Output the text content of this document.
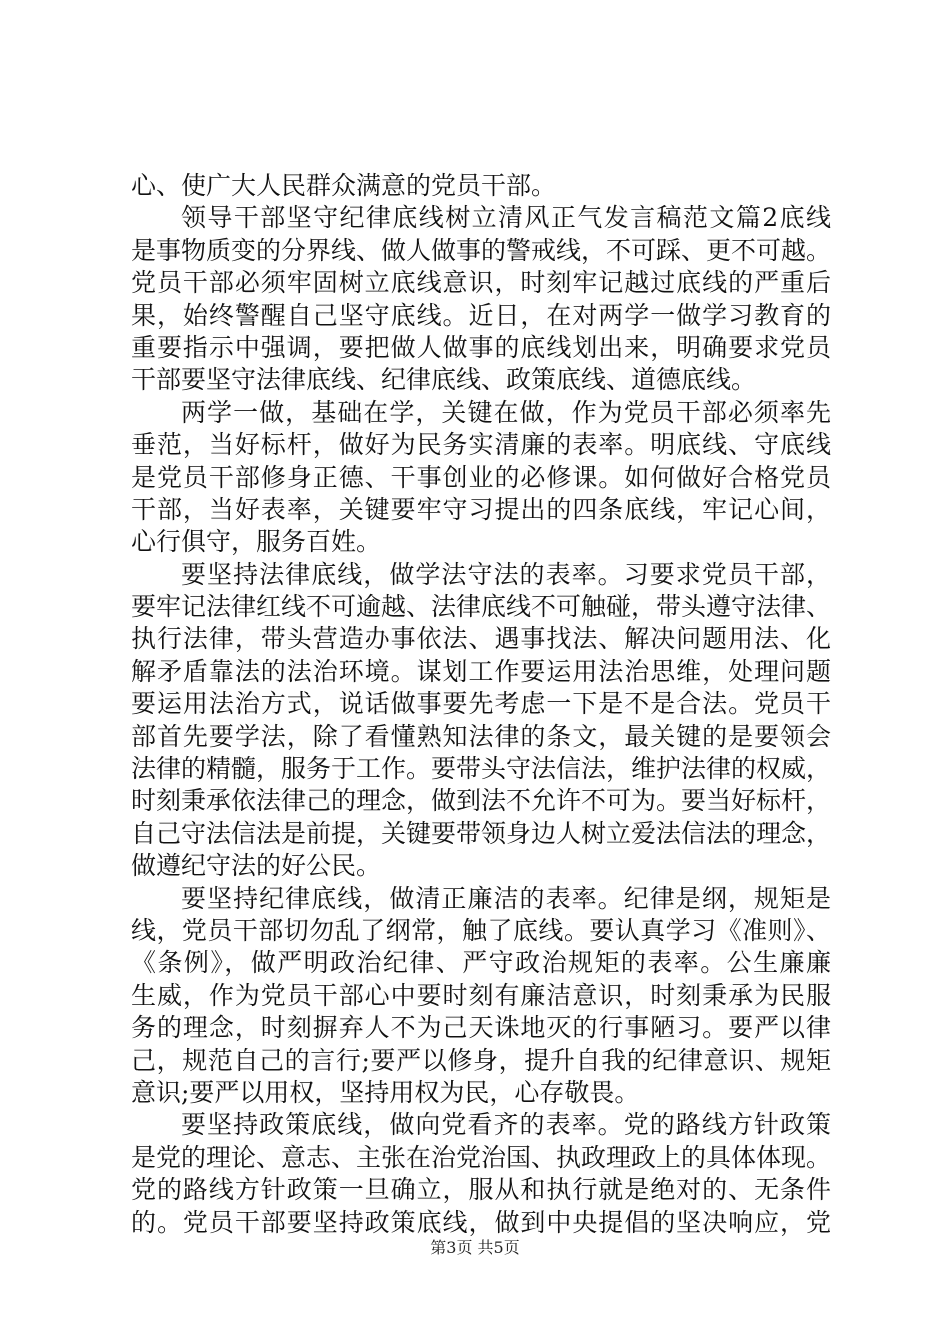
心、使广大人民群众满意的党员干部。
领导干部坚守纪律底线树立清风正气发言稿范文篇2底线
是事物质变的分界线、做人做事的警戒线，不可踩、更不可越。
党员干部必须牢固树立底线意识，时刻牢记越过底线的严重后
果，始终警醒自己坚守底线。近日，在对两学一做学习教育的
重要指示中强调，要把做人做事的底线划出来，明确要求党员
干部要坚守法律底线、纪律底线、政策底线、道德底线。
两学一做，基础在学，关键在做，作为党员干部必须率先
垂范，当好标杆，做好为民务实清廉的表率。明底线、守底线
是党员干部修身正德、干事创业的必修课。如何做好合格党员
干部，当好表率，关键要牢守习提出的四条底线，牢记心间，
心行俱守，服务百姓。
要坚持法律底线，做学法守法的表率。习要求党员干部，
要牢记法律红线不可逾越、法律底线不可触碰，带头遵守法律、
执行法律，带头营造办事依法、遇事找法、解决问题用法、化
解矛盾靠法的法治环境。谋划工作要运用法治思维，处理问题
要运用法治方式，说话做事要先考虑一下是不是合法。党员干
部首先要学法，除了看懂熟知法律的条文，最关键的是要领会
法律的精髓，服务于工作。要带头守法信法，维护法律的权威，
时刻秉承依法律己的理念，做到法不允许不可为。要当好标杆，
自己守法信法是前提，关键要带领身边人树立爱法信法的理念，
做遵纪守法的好公民。
要坚持纪律底线，做清正廉洁的表率。纪律是纲，规矩是
线，党员干部切勿乱了纲常，触了底线。要认真学习《准则》、
《条例》，做严明政治纪律、严守政治规矩的表率。公生廉廉
生威，作为党员干部心中要时刻有廉洁意识，时刻秉承为民服
务的理念，时刻摒弃人不为己天诛地灭的行事陋习。要严以律
己，规范自己的言行;要严以修身，提升自我的纪律意识、规矩
意识;要严以用权，坚持用权为民，心存敬畏。
要坚持政策底线，做向党看齐的表率。党的路线方针政策
是党的理论、意志、主张在治党治国、执政理政上的具体体现。
党的路线方针政策一旦确立，服从和执行就是绝对的、无条件
的。党员干部要坚持政策底线，做到中央提倡的坚决响应，党
第3页 共5页
